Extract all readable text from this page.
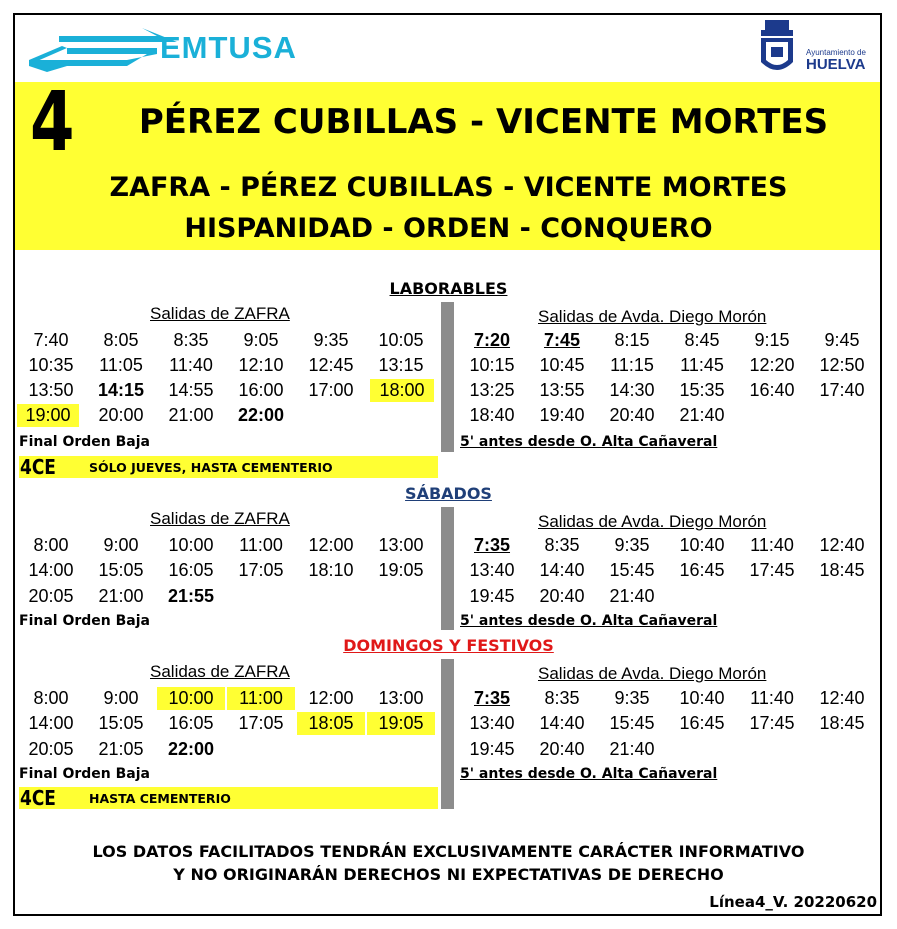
EMTUSA	Ayuntamiento de
HUELVA
4	PÉREZ CUBILLAS - VICENTE MORTES
ZAFRA - PÉREZ CUBILLAS - VICENTE MORTES
HISPANIDAD - ORDEN - CONQUERO
LABORABLES
SÁBADOS
DOMINGOS Y FESTIVOS
Salidas de ZAFRA	Salidas de Avda. Diego Morón
7:40	8:05	8:35	9:05	9:35	10:05
10:35	11:05	11:40	12:10	12:45	13:15
13:50	14:15	14:55	16:00	17:00	18:00
19:00	20:00	21:00	22:00
7:20	7:45	8:15	8:45	9:15	9:45
10:15	10:45	11:15	11:45	12:20	12:50
13:25	13:55	14:30	15:35	16:40	17:40
18:40	19:40	20:40	21:40
Final Orden Baja	5' antes desde O. Alta Cañaveral
4CE	SÓLO JUEVES, HASTA CEMENTERIO
Salidas de ZAFRA	Salidas de Avda. Diego Morón
8:00	9:00	10:00	11:00	12:00	13:00
14:00	15:05	16:05	17:05	18:10	19:05
20:05	21:00	21:55
7:35	8:35	9:35	10:40	11:40	12:40
13:40	14:40	15:45	16:45	17:45	18:45
19:45	20:40	21:40
Final Orden Baja	5' antes desde O. Alta Cañaveral
Salidas de ZAFRA	Salidas de Avda. Diego Morón
8:00	9:00	10:00	11:00	12:00	13:00
14:00	15:05	16:05	17:05	18:05	19:05
20:05	21:05	22:00
7:35	8:35	9:35	10:40	11:40	12:40
13:40	14:40	15:45	16:45	17:45	18:45
19:45	20:40	21:40
Final Orden Baja	5' antes desde O. Alta Cañaveral
4CE	HASTA CEMENTERIO
LOS DATOS FACILITADOS TENDRÁN EXCLUSIVAMENTE CARÁCTER INFORMATIVO
Y NO ORIGINARÁN DERECHOS NI EXPECTATIVAS DE DERECHO
Línea4_V. 20220620
